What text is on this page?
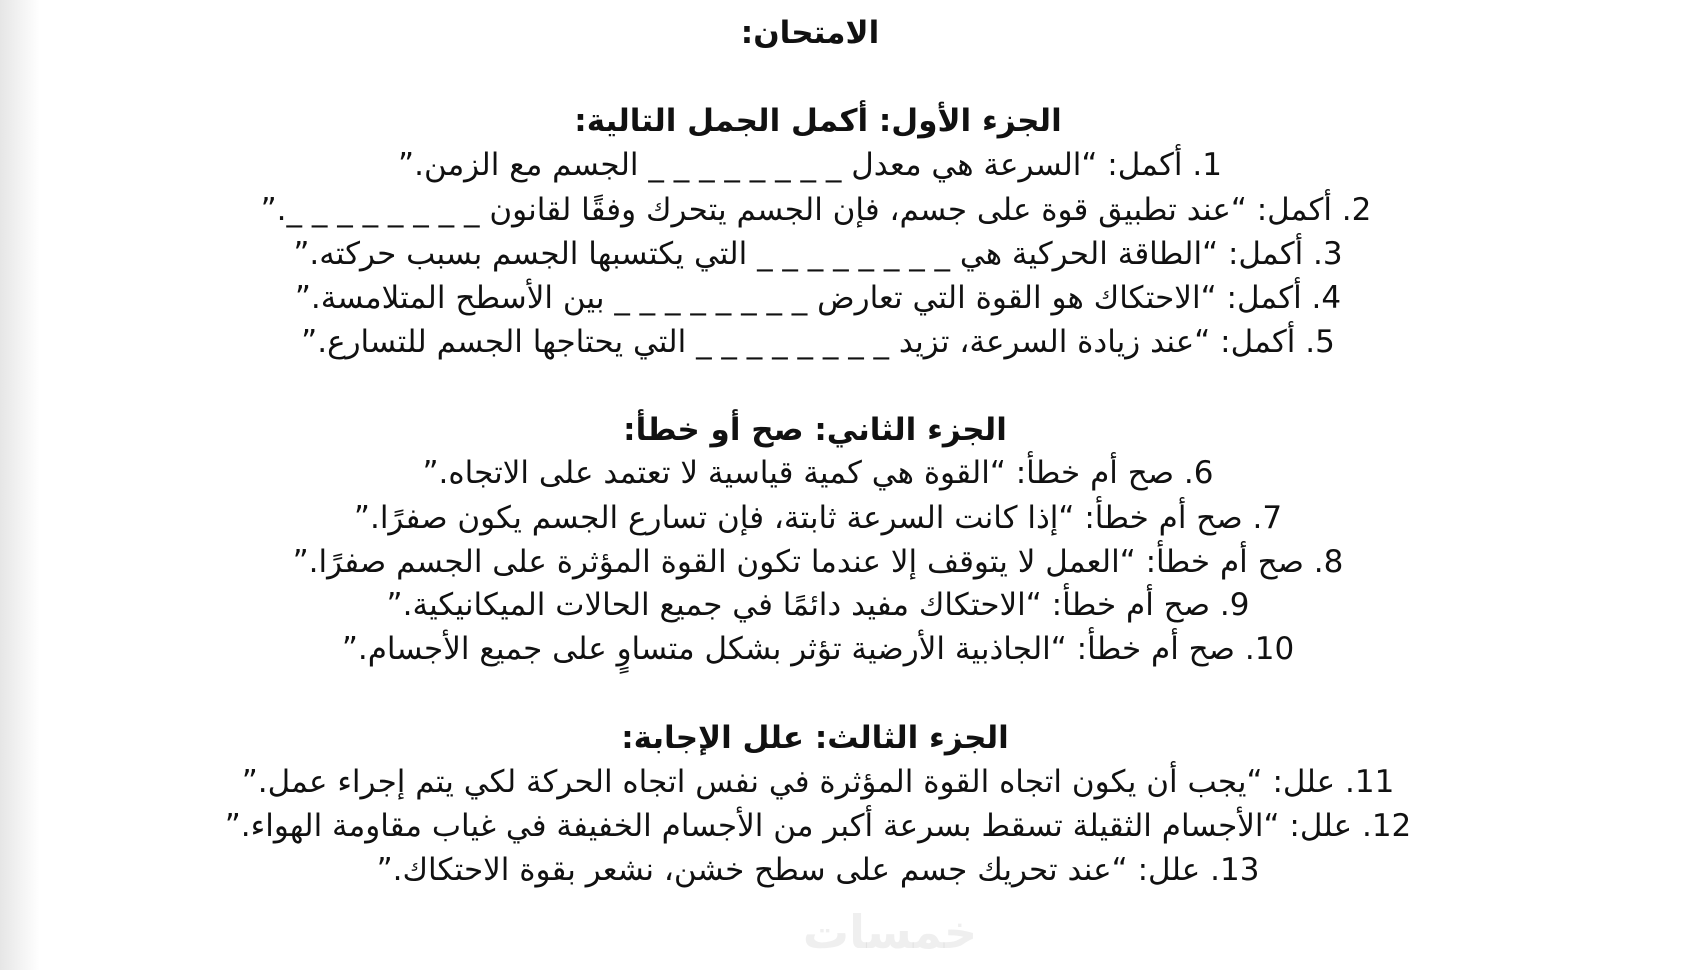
الامتحان:
الجزء الأول: أكمل الجمل التالية:
1. أكمل: “السرعة هي معدل _ _ _ _ _ _ _ _ الجسم مع الزمن.”
2. أكمل: “عند تطبيق قوة على جسم، فإن الجسم يتحرك وفقًا لقانون _ _ _ _ _ _ _ _.”
3. أكمل: “الطاقة الحركية هي _ _ _ _ _ _ _ _ التي يكتسبها الجسم بسبب حركته.”
4. أكمل: “الاحتكاك هو القوة التي تعارض _ _ _ _ _ _ _ _ بين الأسطح المتلامسة.”
5. أكمل: “عند زيادة السرعة، تزيد _ _ _ _ _ _ _ _ التي يحتاجها الجسم للتسارع.”
الجزء الثاني: صح أو خطأ:
6. صح أم خطأ: “القوة هي كمية قياسية لا تعتمد على الاتجاه.”
7. صح أم خطأ: “إذا كانت السرعة ثابتة، فإن تسارع الجسم يكون صفرًا.”
8. صح أم خطأ: “العمل لا يتوقف إلا عندما تكون القوة المؤثرة على الجسم صفرًا.”
9. صح أم خطأ: “الاحتكاك مفيد دائمًا في جميع الحالات الميكانيكية.”
10. صح أم خطأ: “الجاذبية الأرضية تؤثر بشكل متساوٍ على جميع الأجسام.”
الجزء الثالث: علل الإجابة:
11. علل: “يجب أن يكون اتجاه القوة المؤثرة في نفس اتجاه الحركة لكي يتم إجراء عمل.”
12. علل: “الأجسام الثقيلة تسقط بسرعة أكبر من الأجسام الخفيفة في غياب مقاومة الهواء.”
13. علل: “عند تحريك جسم على سطح خشن، نشعر بقوة الاحتكاك.”
خمسات
